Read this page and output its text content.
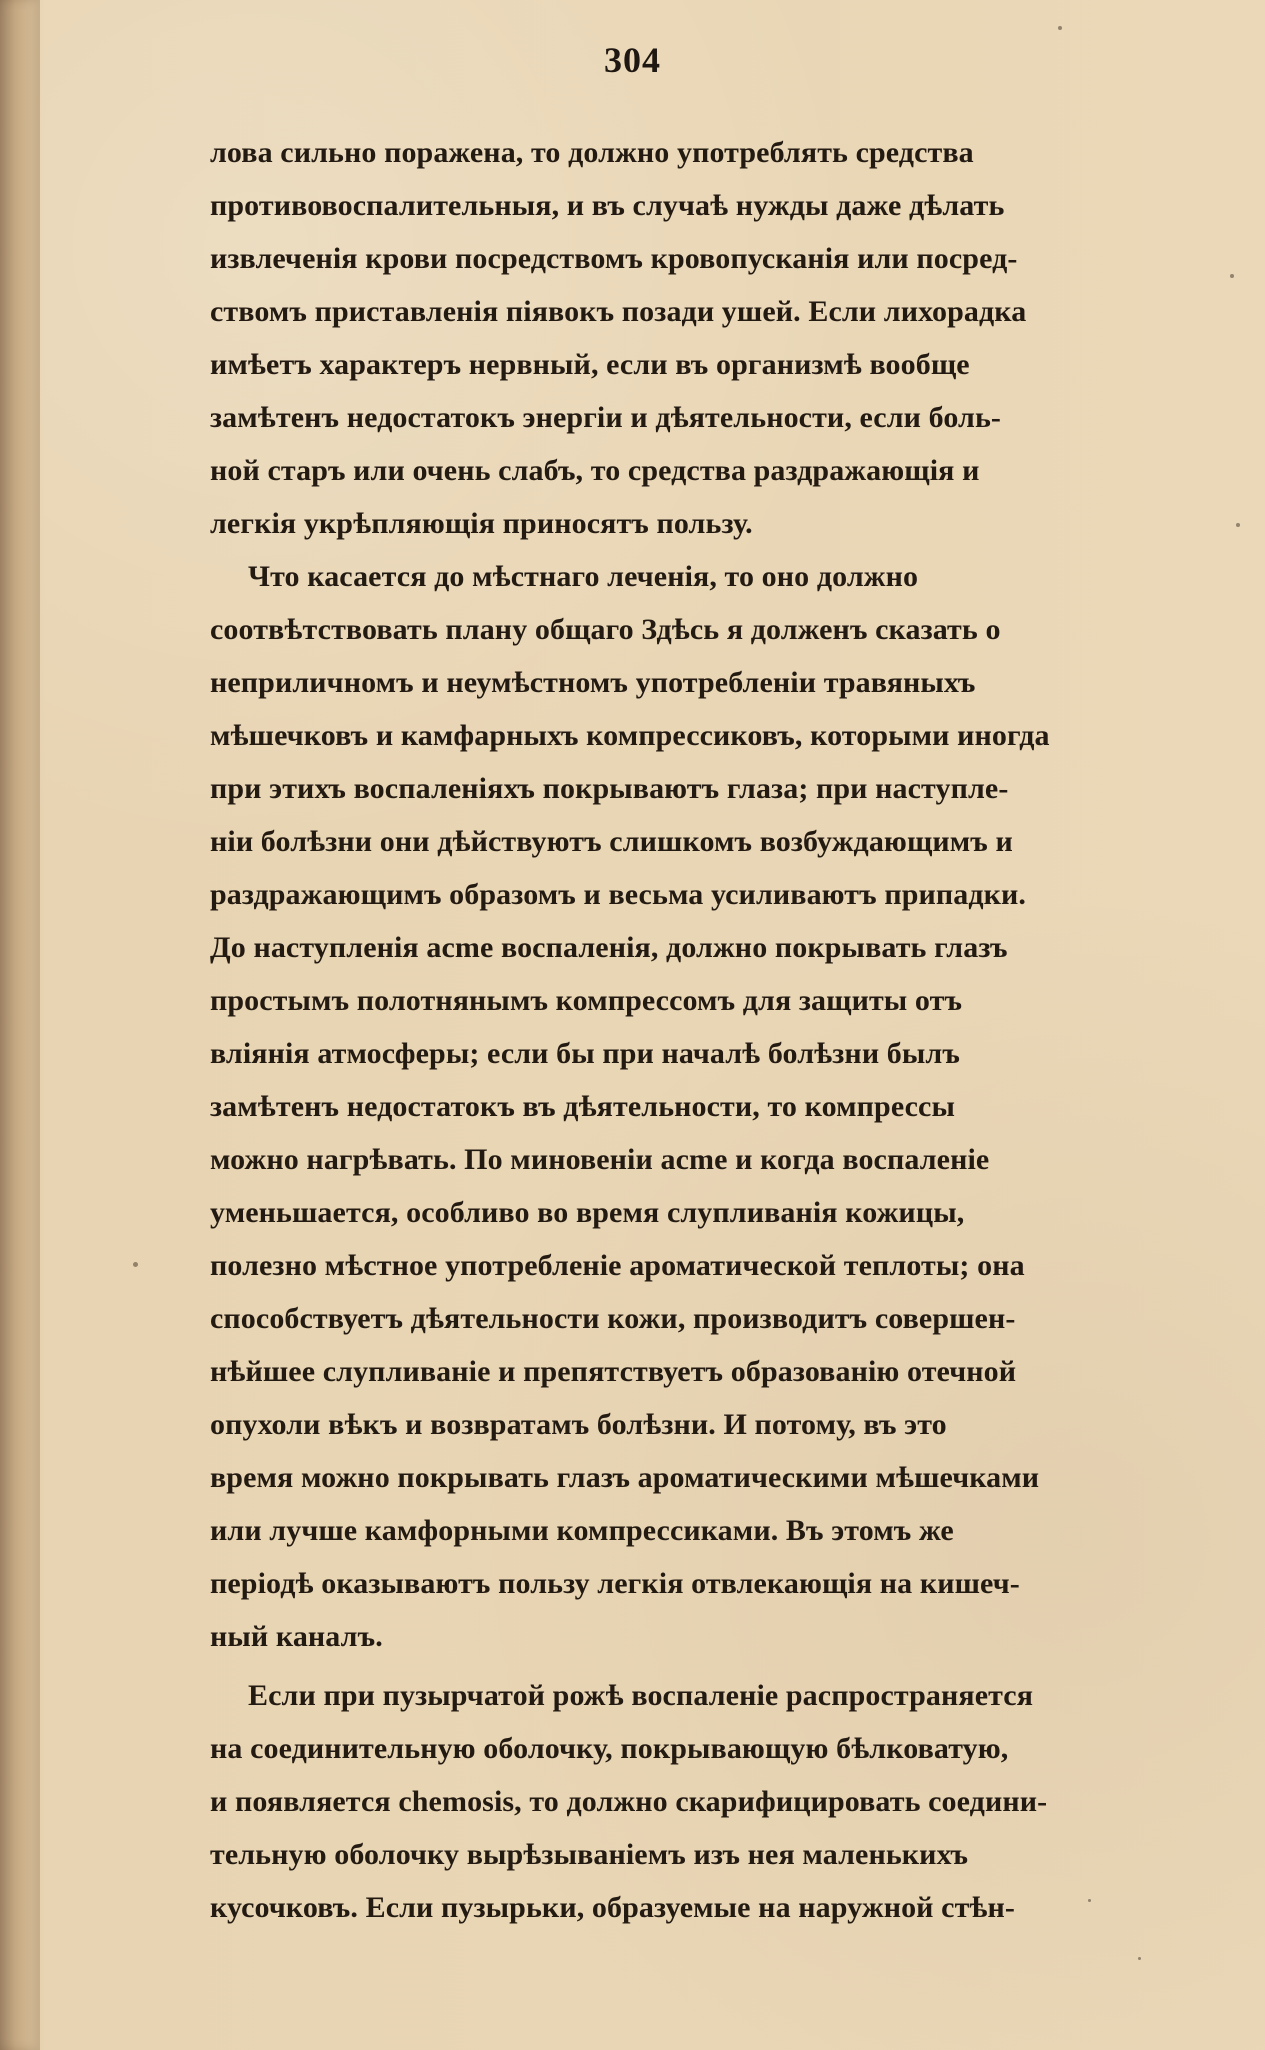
304
лова сильно поражена, то должно употреблять средства
противовоспалительныя, и въ случаѣ нужды даже дѣлать
извлеченія крови посредствомъ кровопусканія или посред-
ствомъ приставленія піявокъ позади ушей. Если лихорадка
имѣетъ характеръ нервный, если въ организмѣ вообще
замѣтенъ недостатокъ энергіи и дѣятельности, если боль-
ной старъ или очень слабъ, то средства раздражающія и
легкія укрѣпляющія приносятъ пользу.
Что касается до мѣстнаго леченія, то оно должно
соотвѣтствовать плану общаго Здѣсь я долженъ сказать о
неприличномъ и неумѣстномъ употребленіи травяныхъ
мѣшечковъ и камфарныхъ компрессиковъ, которыми иногда
при этихъ воспаленіяхъ покрываютъ глаза; при наступле-
ніи болѣзни они дѣйствуютъ слишкомъ возбуждающимъ и
раздражающимъ образомъ и весьма усиливаютъ припадки.
До наступленія acme воспаленія, должно покрывать глазъ
простымъ полотнянымъ компрессомъ для защиты отъ
вліянія атмосферы; если бы при началѣ болѣзни былъ
замѣтенъ недостатокъ въ дѣятельности, то компрессы
можно нагрѣвать. По миновеніи acme и когда воспаленіе
уменьшается, особливо во время слупливанія кожицы,
полезно мѣстное употребленіе ароматической теплоты; она
способствуетъ дѣятельности кожи, производитъ совершен-
нѣйшее слупливаніе и препятствуетъ образованію отечной
опухоли вѣкъ и возвратамъ болѣзни. И потому, въ это
время можно покрывать глазъ ароматическими мѣшечками
или лучше камфорными компрессиками. Въ этомъ же
періодѣ оказываютъ пользу легкія отвлекающія на кишеч-
ный каналъ.
Если при пузырчатой рожѣ воспаленіе распространяется
на соединительную оболочку, покрывающую бѣлковатую,
и появляется chemosis, то должно скарифицировать соедини-
тельную оболочку вырѣзываніемъ изъ нея маленькихъ
кусочковъ. Если пузырьки, образуемые на наружной стѣн-
